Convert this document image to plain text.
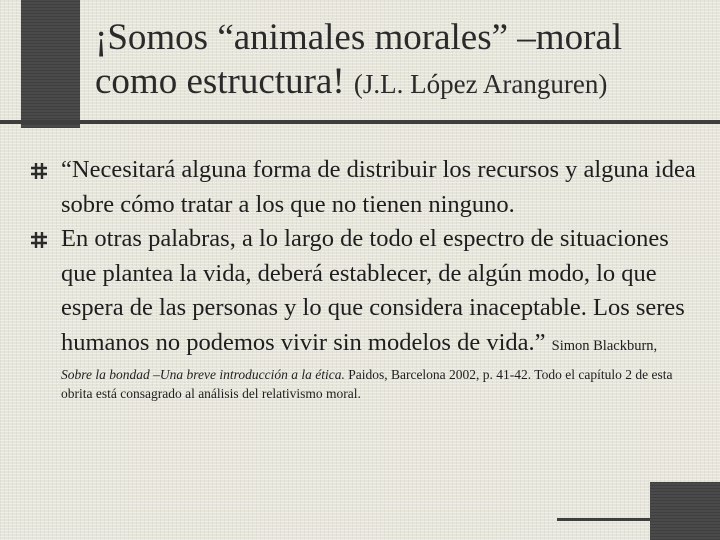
¡Somos “animales morales” –moral como estructura! (J.L. López Aranguren)
“Necesitará alguna forma de distribuir los recursos y alguna idea sobre cómo tratar a los que no tienen ninguno.
En otras palabras, a lo largo de todo el espectro de situaciones que plantea la vida, deberá establecer, de algún modo, lo que espera de las personas y lo que considera inaceptable. Los seres humanos no podemos vivir sin modelos de vida.” Simon Blackburn,
Sobre la bondad –Una breve introducción a la ética. Paidos, Barcelona 2002, p. 41-42. Todo el capítulo 2 de esta obrita está consagrado al análisis del relativismo moral.
